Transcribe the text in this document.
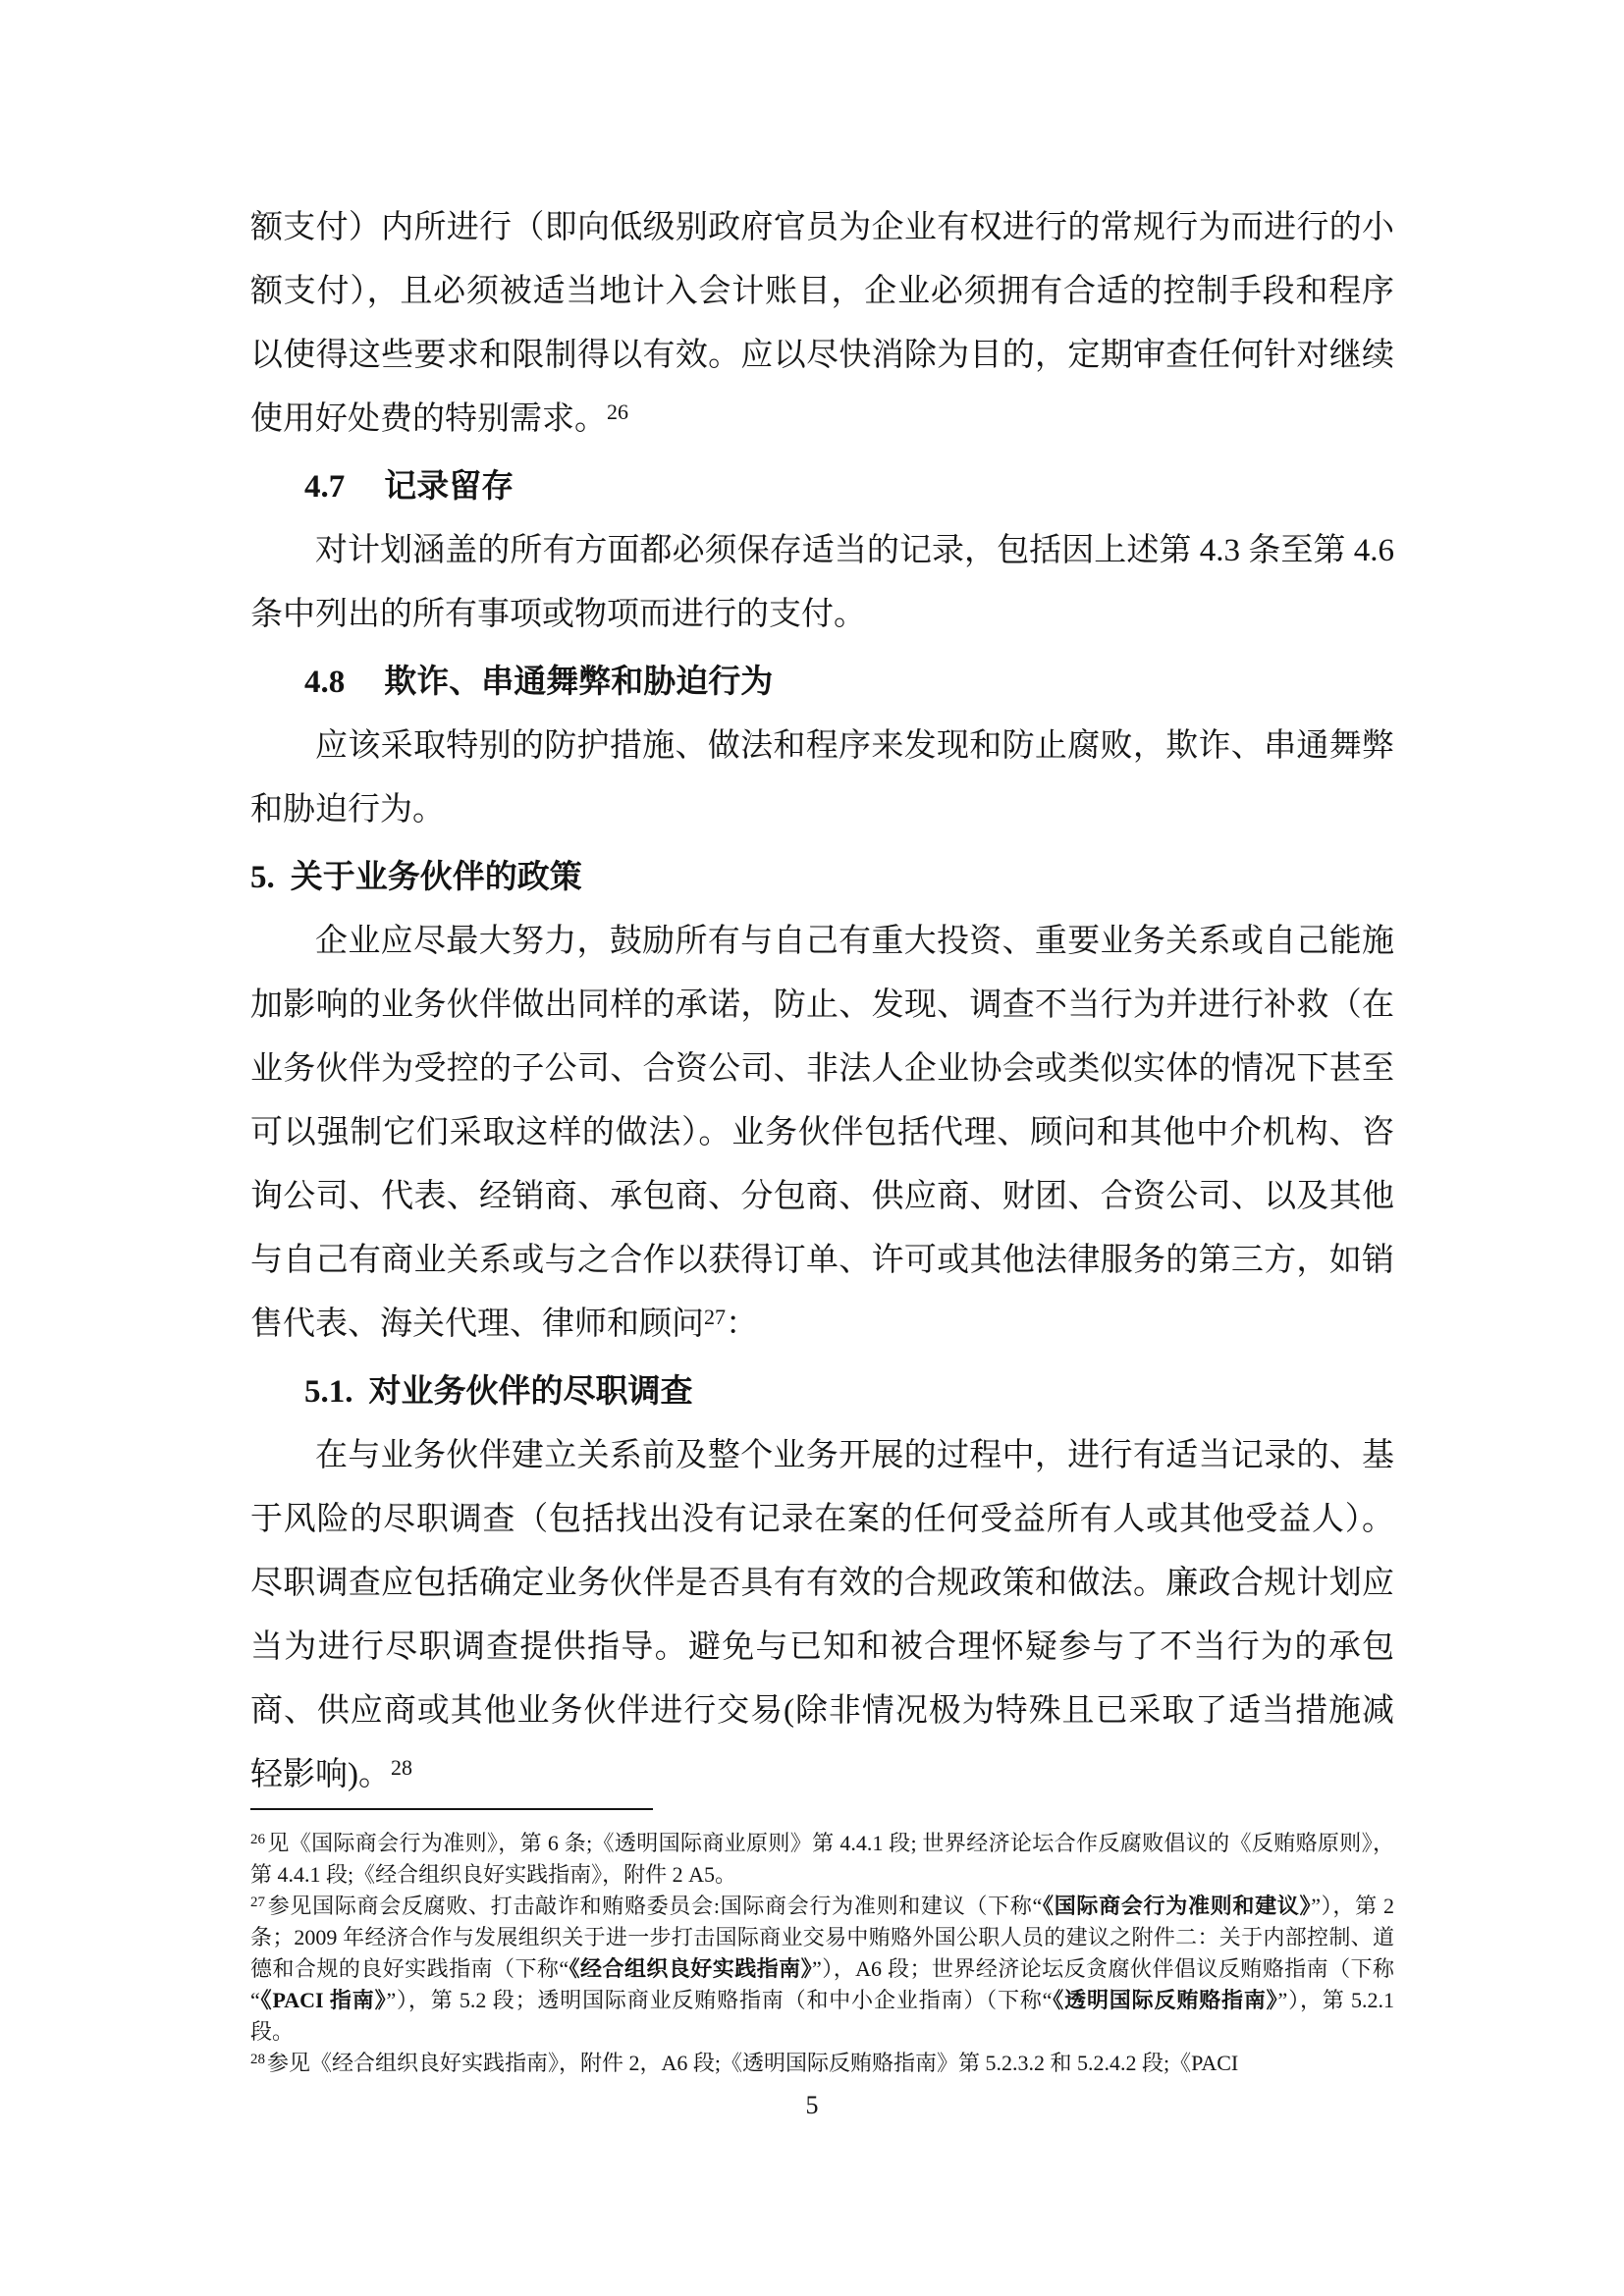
额支付）内所进行（即向低级别政府官员为企业有权进行的常规行为而进行的小额支付），且必须被适当地计入会计账目，企业必须拥有合适的控制手段和程序以使得这些要求和限制得以有效。应以尽快消除为目的，定期审查任何针对继续使用好处费的特别需求。$^{26}$

4.7 记录留存

对计划涵盖的所有方面都必须保存适当的记录，包括因上述第 4.3 条至第 4.6 条中列出的所有事项或物项而进行的支付。

4.8 欺诈、串通舞弊和胁迫行为

应该采取特别的防护措施、做法和程序来发现和防止腐败，欺诈、串通舞弊和胁迫行为。

5. 关于业务伙伴的政策

企业应尽最大努力，鼓励所有与自己有重大投资、重要业务关系或自己能施加影响的业务伙伴做出同样的承诺，防止、发现、调查不当行为并进行补救（在业务伙伴为受控的子公司、合资公司、非法人企业协会或类似实体的情况下甚至可以强制它们采取这样的做法）。业务伙伴包括代理、顾问和其他中介机构、咨询公司、代表、经销商、承包商、分包商、供应商、财团、合资公司、以及其他与自己有商业关系或与之合作以获得订单、许可或其他法律服务的第三方，如销售代表、海关代理、律师和顾问$^{27}$：

5.1. 对业务伙伴的尽职调查

在与业务伙伴建立关系前及整个业务开展的过程中，进行有适当记录的、基于风险的尽职调查（包括找出没有记录在案的任何受益所有人或其他受益人）。尽职调查应包括确定业务伙伴是否具有有效的合规政策和做法。廉政合规计划应当为进行尽职调查提供指导。避免与已知和被合理怀疑参与了不当行为的承包商、供应商或其他业务伙伴进行交易(除非情况极为特殊且已采取了适当措施减轻影响)。$^{28}$

$^{26}$见《国际商会行为准则》，第 6 条;《透明国际商业原则》第 4.4.1 段; 世界经济论坛合作反腐败倡议的《反贿赂原则》，第 4.4.1 段;《经合组织良好实践指南》，附件 2 A5。

$^{27}$参见国际商会反腐败、打击敲诈和贿赂委员会:国际商会行为准则和建议（下称“《国际商会行为准则和建议》”），第 2 条；2009 年经济合作与发展组织关于进一步打击国际商业交易中贿赂外国公职人员的建议之附件二：关于内部控制、道德和合规的良好实践指南（下称“《经合组织良好实践指南》”），A6 段；世界经济论坛反贪腐伙伴倡议反贿赂指南（下称“《PACI 指南》”），第 5.2 段；透明国际商业反贿赂指南（和中小企业指南）（下称“《透明国际反贿赂指南》”），第 5.2.1 段。

$^{28}$参见《经合组织良好实践指南》，附件 2，A6 段;《透明国际反贿赂指南》第 5.2.3.2 和 5.2.4.2 段;《PACI

5
